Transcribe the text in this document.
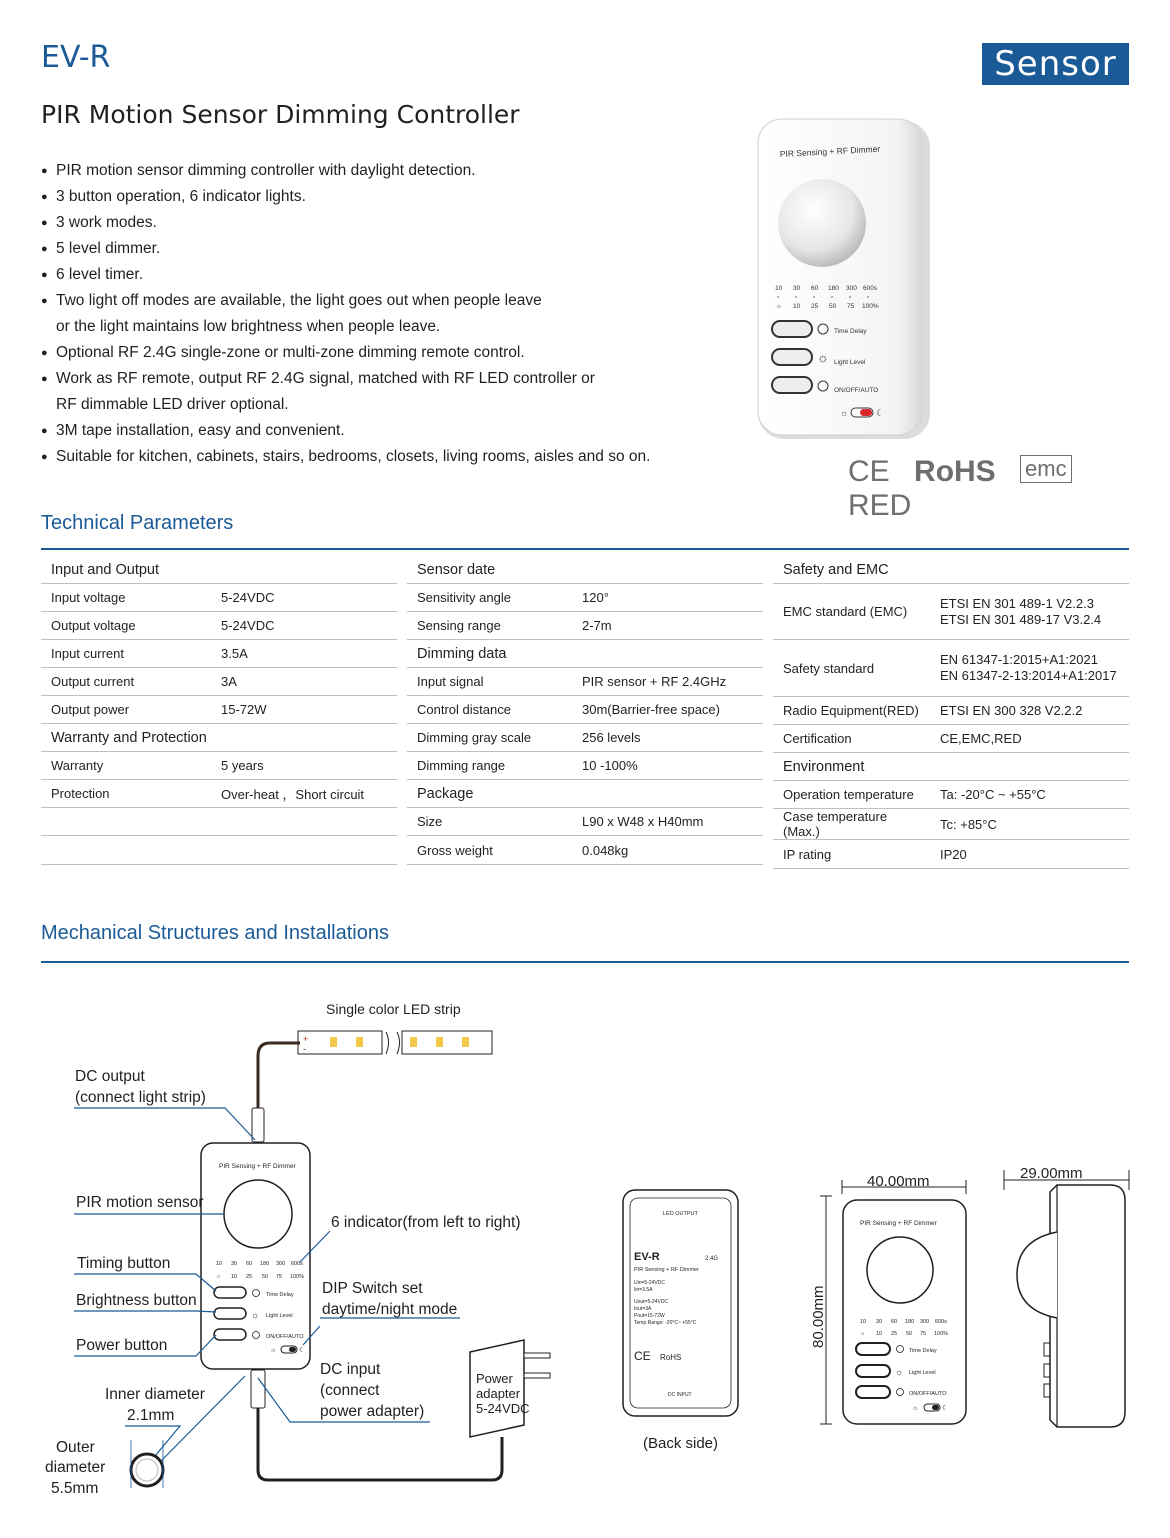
EV-R	Sensor
PIR Motion Sensor Dimming Controller
● PIR motion sensor dimming controller with daylight detection.
● 3 button operation, 6 indicator lights.
● 3 work modes.
● 5 level dimmer.
● 6 level timer.
● Two light off modes are available, the light goes out when people leave
or the light maintains low brightness when people leave.
● Optional RF 2.4G single-zone or multi-zone dimming remote control.
● Work as RF remote, output RF 2.4G signal, matched with RF LED controller or
RF dimmable LED driver optional.
● 3M tape installation, easy and convenient.
● Suitable for kitchen, cabinets, stairs, bedrooms, closets, living rooms, aisles and so on.
PIR Sensing + RF Dimmer
10 30 60 180 300 600s
☼ 10 25 50 75 100%
Time Delay
☼ Light Level
ON/OFF/AUTO
☼	☾
CE RoHS emc RED
Technical Parameters
Input and Output	
Input voltage	5-24VDC
Output voltage	5-24VDC
Input current	3.5A
Output current	3A
Output power	15-72W
Warranty and Protection	
Warranty	5 years
Protection	Over-heat ，Short circuit

Sensor date	
Sensitivity angle	120°
Sensing range	2-7m
Dimming data	
Input signal	PIR sensor + RF 2.4GHz
Control distance	30m(Barrier-free space)
Dimming gray scale	256 levels
Dimming range	10 -100%
Package	
Size	L90 x W48 x H40mm
Gross weight	0.048kg
Safety and EMC	
EMC standard (EMC)	ETSI EN 301 489-1 V2.2.3
ETSI EN 301 489-17 V3.2.4
Safety standard	EN 61347-1:2015+A1:2021
EN 61347-2-13:2014+A1:2017
Radio Equipment(RED)	ETSI EN 300 328 V2.2.2
Certification	CE,EMC,RED
Environment	
Operation temperature	Ta: -20°C ~ +55°C
Case temperature (Max.)	Tc: +85°C
IP rating	IP20
Mechanical Structures and Installations
Single color LED strip
+
-
PIR Sensing + RF Dimmer
10 30 60 180 300 600s
☼ 10 25 50 75 100%
Time Delay
☼ Light Level
ON/OFF/AUTO
☼	☾
DC output
(connect light strip)
PIR motion sensor
6 indicator(from left to right)
Timing button
Brightness button
DIP Switch set
daytime/night mode
Power button
DC input
(connect
power adapter)
Inner diameter
2.1mm
Outer
diameter
5.5mm
Power
adapter
5-24VDC
LED OUTPUT
EV-R	2.4G
PIR Sensing + RF Dimmer
Uin=5-24VDC
Iin=3.5A
Uout=5-24VDC
Iout=3A
Pout=15-72W
Temp Range: -20°C~ +55°C
CE RoHS
DC INPUT
(Back side)
40.00mm
80.00mm
PIR Sensing + RF Dimmer
10 30 60 180 300 600s
☼ 10 25 50 75 100%
Time Delay
☼ Light Level
ON/OFF/AUTO
☼	☾
29.00mm
